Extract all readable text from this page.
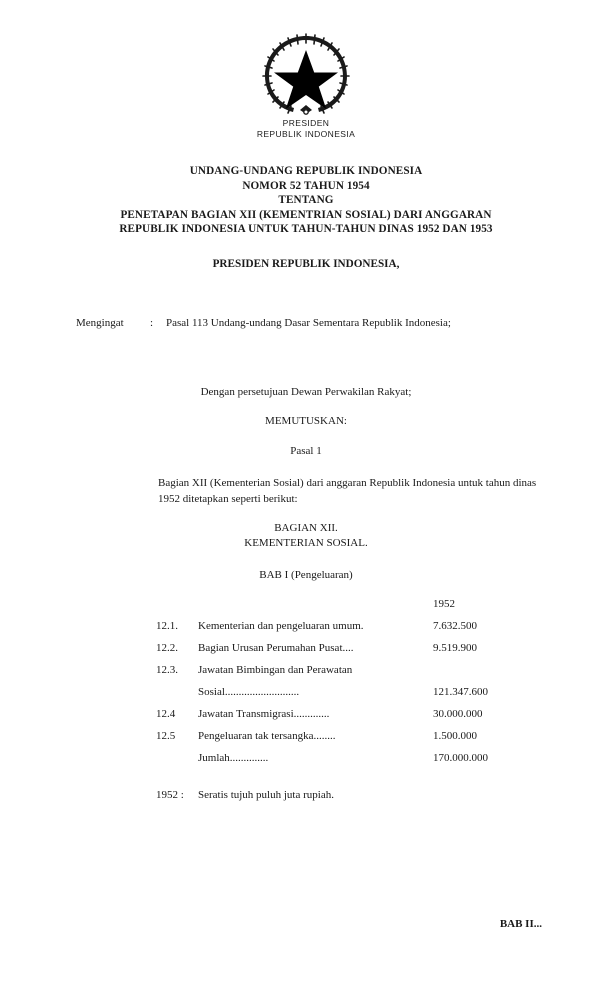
PRESIDEN
REPUBLIK INDONESIA
UNDANG-UNDANG REPUBLIK INDONESIA
NOMOR 52 TAHUN 1954
TENTANG
PENETAPAN BAGIAN XII (KEMENTRIAN SOSIAL) DARI ANGGARAN
REPUBLIK INDONESIA UNTUK TAHUN-TAHUN DINAS 1952 DAN 1953
PRESIDEN REPUBLIK INDONESIA,
Mengingat	:	Pasal 113 Undang-undang Dasar Sementara Republik Indonesia;
Dengan persetujuan Dewan Perwakilan Rakyat;
MEMUTUSKAN:
Pasal 1
Bagian XII (Kementerian Sosial) dari anggaran Republik Indonesia untuk tahun dinas 1952 ditetapkan seperti berikut:
BAGIAN XII.
KEMENTERIAN SOSIAL.
BAB I (Pengeluaran)
1952
12.1.	Kementerian dan pengeluaran umum.	7.632.500
12.2.	Bagian Urusan Perumahan Pusat....	9.519.900
12.3.	Jawatan Bimbingan dan Perawatan
Sosial...........................	121.347.600
12.4	Jawatan Transmigrasi.............	30.000.000
12.5	Pengeluaran tak tersangka........	1.500.000
Jumlah..............	170.000.000
1952 :	Seratis tujuh puluh juta rupiah.
BAB II...
